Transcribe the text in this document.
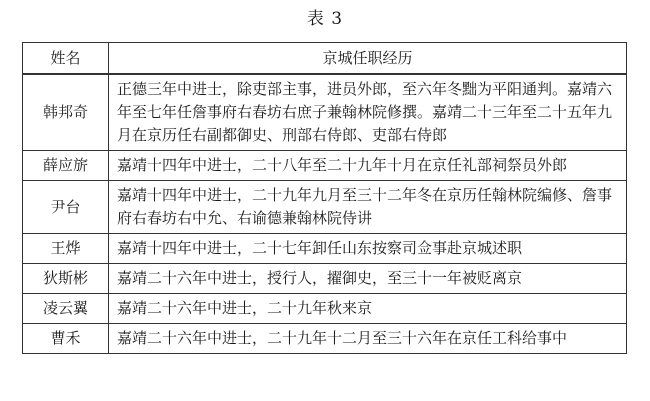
表 3
姓名	京城任职经历
韩邦奇	正德三年中进士，除吏部主事，进员外郎，至六年冬黜为平阳通判。嘉靖六年至七年任詹事府右春坊右庶子兼翰林院修撰。嘉靖二十三年至二十五年九月在京历任右副都御史、刑部右侍郎、吏部右侍郎
薛应旂	嘉靖十四年中进士，二十八年至二十九年十月在京任礼部祠祭员外郎
尹台	嘉靖十四年中进士，二十九年九月至三十二年冬在京历任翰林院编修、詹事府右春坊右中允、右谕德兼翰林院侍讲
王烨	嘉靖十四年中进士，二十七年卸任山东按察司佥事赴京城述职
狄斯彬	嘉靖二十六年中进士，授行人，擢御史，至三十一年被贬离京
凌云翼	嘉靖二十六年中进士，二十九年秋来京
曹禾	嘉靖二十六年中进士，二十九年十二月至三十六年在京任工科给事中
